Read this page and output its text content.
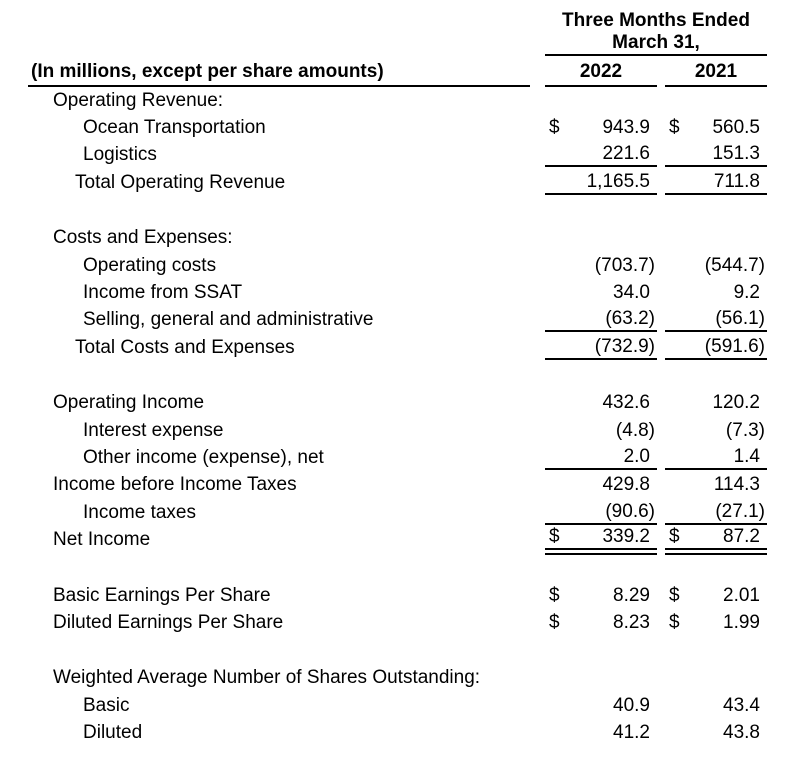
Three Months Ended
March 31,
(In millions, except per share amounts)	2022	2021
Operating Revenue:
Ocean Transportation	$ 943.9	$ 560.5
Logistics	221.6	151.3
Total Operating Revenue	1,165.5	711.8
Costs and Expenses:
Operating costs	(703.7)	(544.7)
Income from SSAT	34.0	9.2
Selling, general and administrative	(63.2)	(56.1)
Total Costs and Expenses	(732.9)	(591.6)
Operating Income	432.6	120.2
Interest expense	(4.8)	(7.3)
Other income (expense), net	2.0	1.4
Income before Income Taxes	429.8	114.3
Income taxes	(90.6)	(27.1)
Net Income	$ 339.2	$ 87.2
Basic Earnings Per Share	$	8.29	$ 2.01
Diluted Earnings Per Share	$	8.23	$ 1.99
Weighted Average Number of Shares Outstanding:
Basic	40.9	43.4
Diluted	41.2	43.8
